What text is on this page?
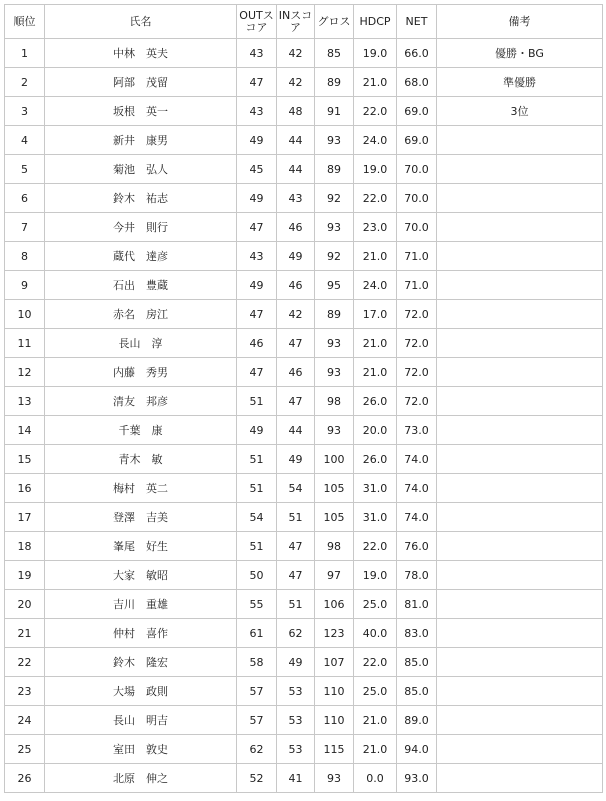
順位	氏名	OUTスコア	INスコア	グロス	HDCP	NET	備考
1	中林　英夫	43	42	85	19.0	66.0	優勝・BG
2	阿部　茂留	47	42	89	21.0	68.0	準優勝
3	坂根　英一	43	48	91	22.0	69.0	3位
4	新井　康男	49	44	93	24.0	69.0	
5	菊池　弘人	45	44	89	19.0	70.0	
6	鈴木　祐志	49	43	92	22.0	70.0	
7	今井　則行	47	46	93	23.0	70.0	
8	蔵代　達彦	43	49	92	21.0	71.0	
9	石出　豊蔵	49	46	95	24.0	71.0	
10	赤名　房江	47	42	89	17.0	72.0	
11	長山　淳	46	47	93	21.0	72.0	
12	内藤　秀男	47	46	93	21.0	72.0	
13	清友　邦彦	51	47	98	26.0	72.0	
14	千葉　康	49	44	93	20.0	73.0	
15	青木　敏	51	49	100	26.0	74.0	
16	梅村　英二	51	54	105	31.0	74.0	
17	登澤　吉美	54	51	105	31.0	74.0	
18	峯尾　好生	51	47	98	22.0	76.0	
19	大家　敏昭	50	47	97	19.0	78.0	
20	吉川　重雄	55	51	106	25.0	81.0	
21	仲村　喜作	61	62	123	40.0	83.0	
22	鈴木　隆宏	58	49	107	22.0	85.0	
23	大場　政則	57	53	110	25.0	85.0	
24	長山　明吉	57	53	110	21.0	89.0	
25	室田　敦史	62	53	115	21.0	94.0	
26	北原　伸之	52	41	93	0.0	93.0	
